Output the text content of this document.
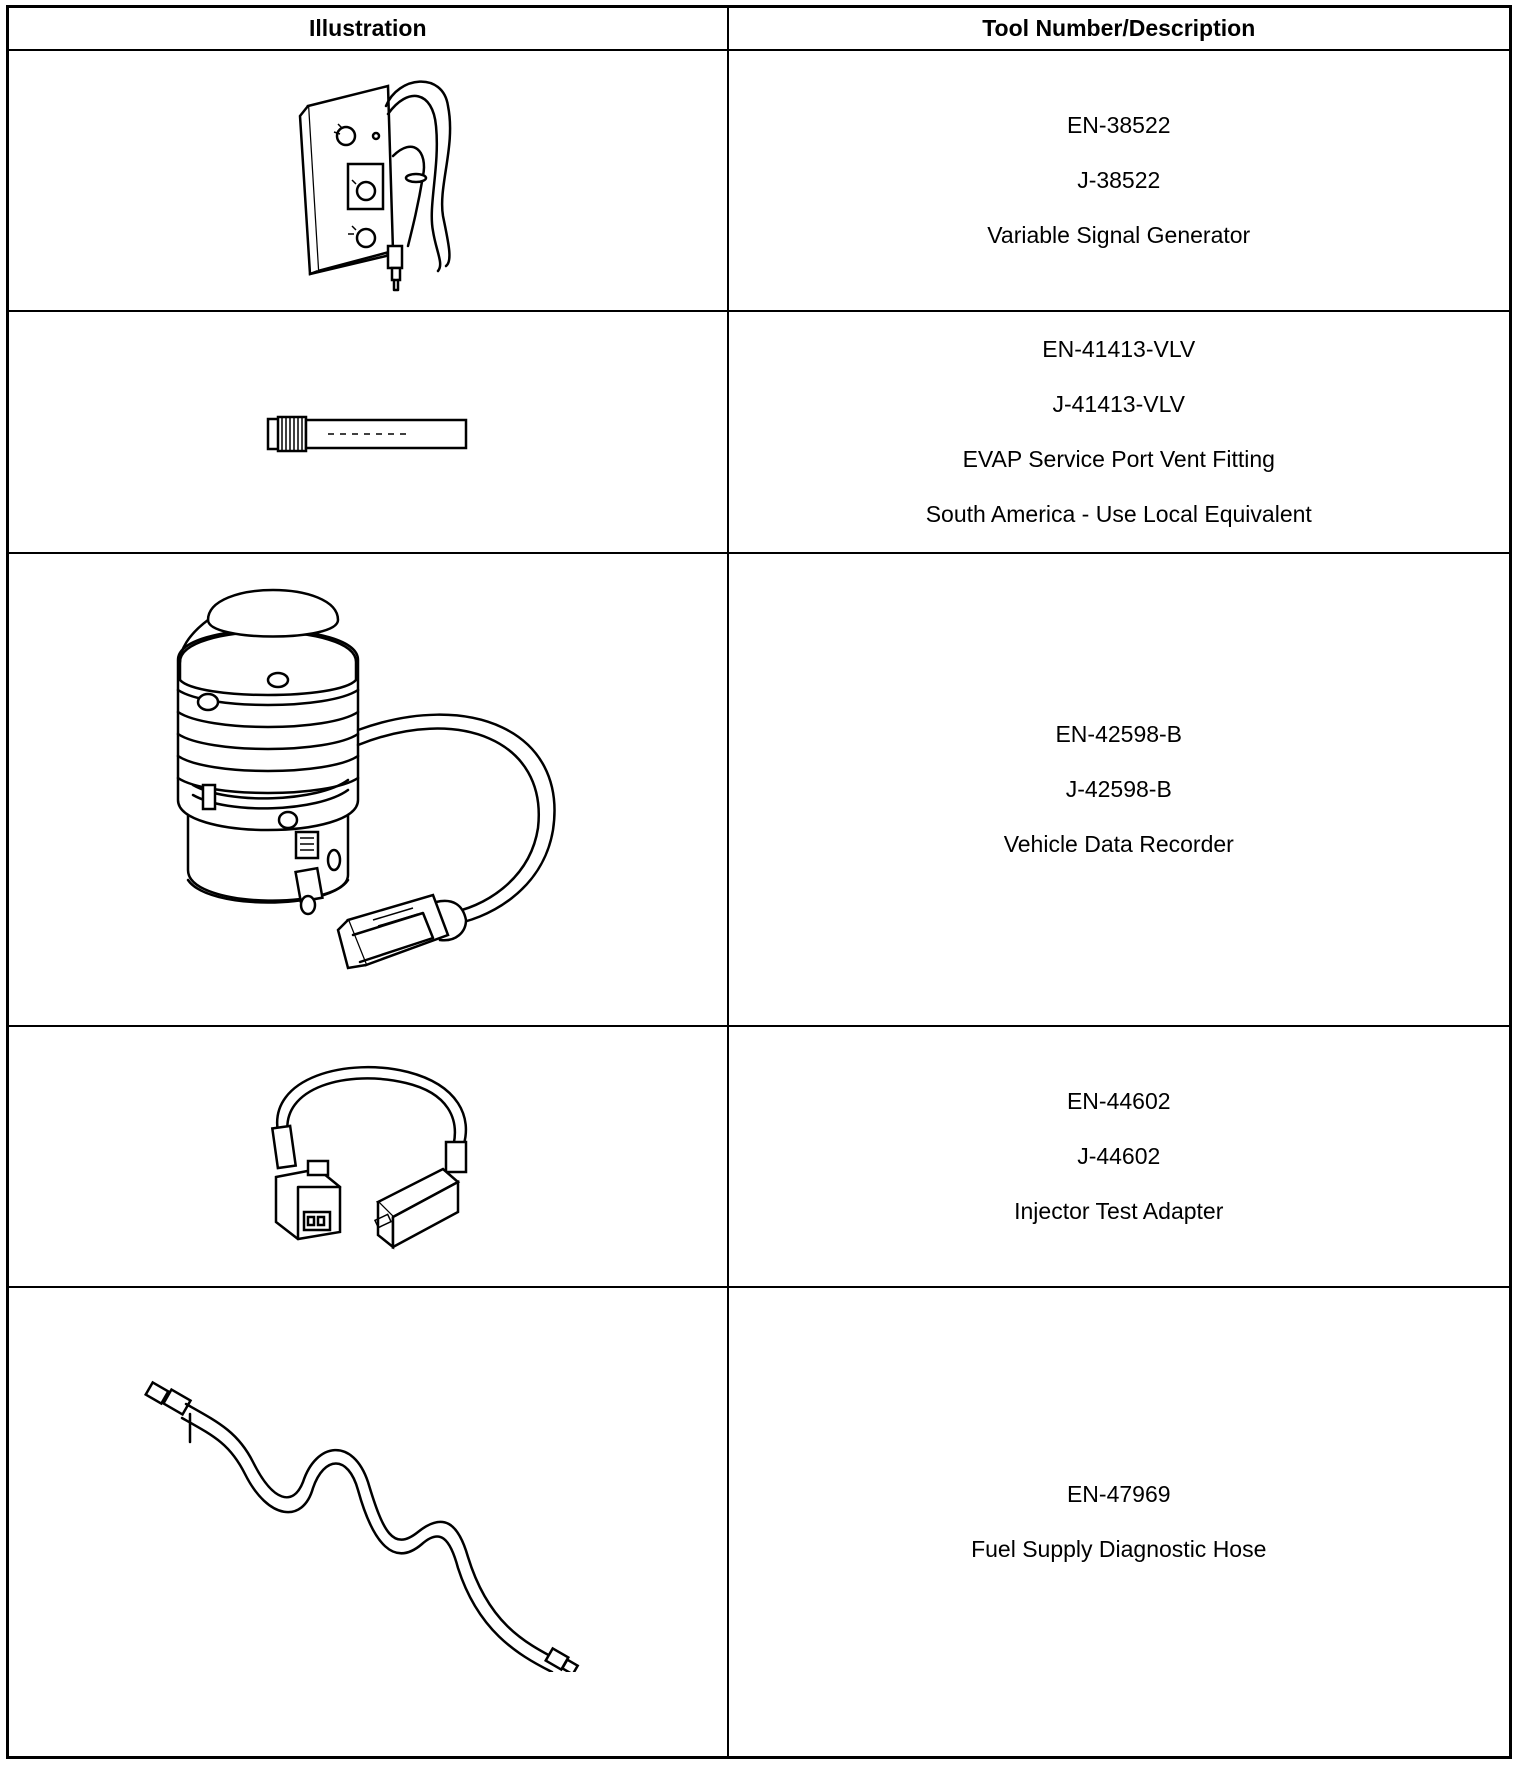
Illustration	Tool Number/Description

EN-38522
J-38522
Variable Signal Generator

EN-41413-VLV
J-41413-VLV
EVAP Service Port Vent Fitting
South America - Use Local Equivalent

EN-42598-B
J-42598-B
Vehicle Data Recorder

EN-44602
J-44602
Injector Test Adapter

EN-47969
Fuel Supply Diagnostic Hose
